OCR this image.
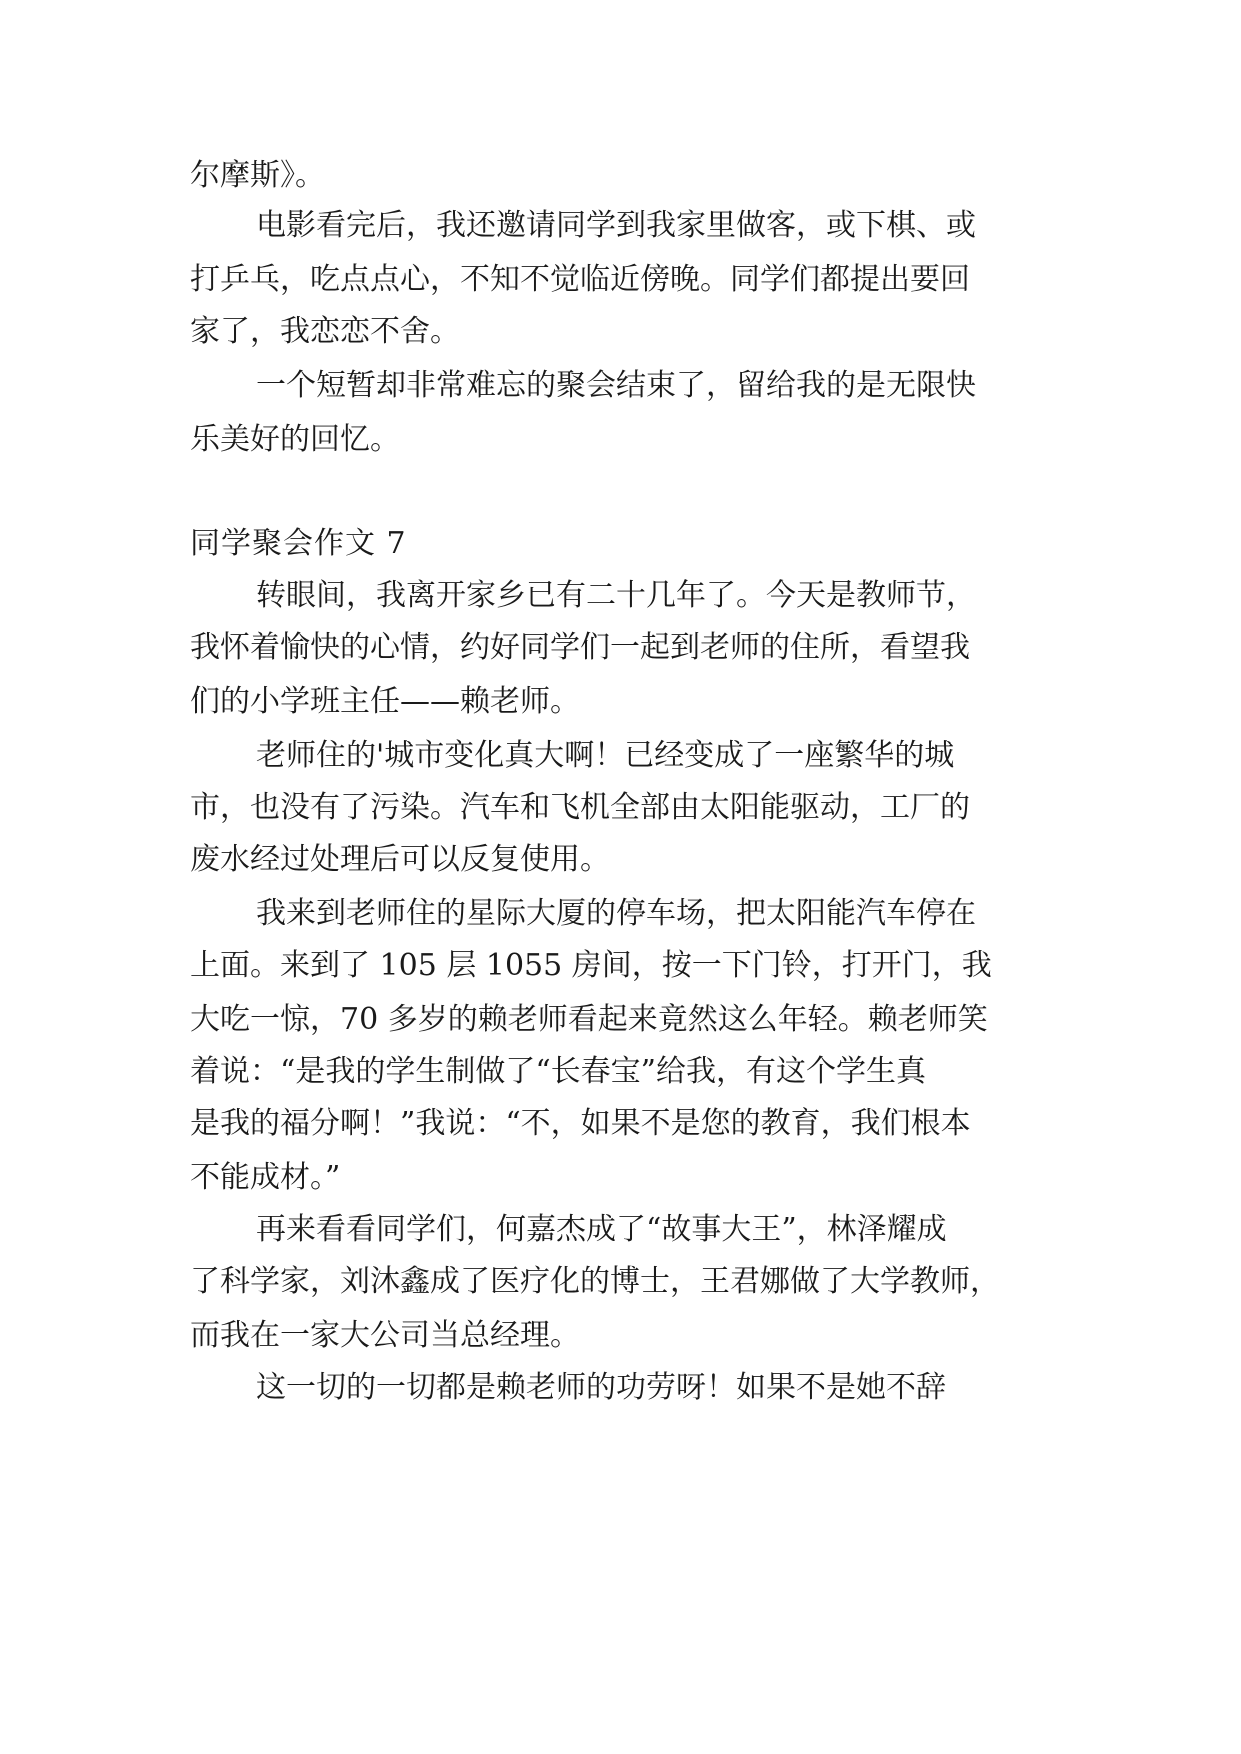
尔摩斯》。
电影看完后，我还邀请同学到我家里做客，或下棋、或
打乒乓，吃点点心，不知不觉临近傍晚。同学们都提出要回
家了，我恋恋不舍。
一个短暂却非常难忘的聚会结束了，留给我的是无限快
乐美好的回忆。
同学聚会作文 7
转眼间，我离开家乡已有二十几年了。今天是教师节，
我怀着愉快的心情，约好同学们一起到老师的住所，看望我
们的小学班主任——赖老师。
老师住的'城市变化真大啊！已经变成了一座繁华的城
市，也没有了污染。汽车和飞机全部由太阳能驱动，工厂的
废水经过处理后可以反复使用。
我来到老师住的星际大厦的停车场，把太阳能汽车停在
上面。来到了 105 层 1055 房间，按一下门铃，打开门，我
大吃一惊，70 多岁的赖老师看起来竟然这么年轻。赖老师笑
着说：“是我的学生制做了“长春宝”给我，有这个学生真
是我的福分啊！”我说：“不，如果不是您的教育，我们根本
不能成材。”
再来看看同学们，何嘉杰成了“故事大王”，林泽耀成
了科学家，刘沐鑫成了医疗化的博士，王君娜做了大学教师，
而我在一家大公司当总经理。
这一切的一切都是赖老师的功劳呀！如果不是她不辞
